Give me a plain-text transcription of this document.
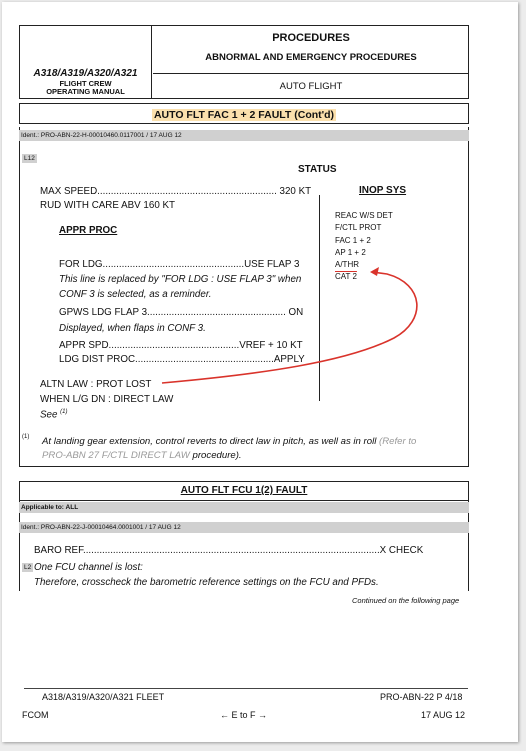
A318/A319/A320/A321
FLIGHT CREW
OPERATING MANUAL
PROCEDURES
ABNORMAL AND EMERGENCY PROCEDURES
AUTO FLIGHT
AUTO FLT FAC 1 + 2 FAULT (Cont'd)
Ident.: PRO-ABN-22-H-00010460.0117001 / 17 AUG 12
L12
STATUS
MAX SPEED.................................................................. 320 KT
RUD WITH CARE ABV 160 KT
APPR PROC
FOR LDG....................................................USE FLAP 3
This line is replaced by "FOR LDG : USE FLAP 3" when
CONF 3 is selected, as a reminder.
GPWS LDG FLAP 3................................................... ON
Displayed, when flaps in CONF 3.
APPR SPD................................................VREF + 10 KT
LDG DIST PROC...................................................APPLY
ALTN LAW : PROT LOST
WHEN L/G DN : DIRECT LAW
See $^{(1)}$
INOP SYS
REAC W/S DET
F/CTL PROT
FAC 1 + 2
AP 1 + 2
A/THR
CAT 2
(1) At landing gear extension, control reverts to direct law in pitch, as well as in roll (Refer to
PRO-ABN 27 F/CTL DIRECT LAW procedure).
AUTO FLT FCU 1(2) FAULT
Applicable to: ALL
Ident.: PRO-ABN-22-J-00010464.0001001 / 17 AUG 12
BARO REF.............................................................................................................X CHECK
L2 One FCU channel is lost:
Therefore, crosscheck the barometric reference settings on the FCU and PFDs.
Continued on the following page
A318/A319/A320/A321 FLEET
FCOM	← E to F →
PRO-ABN-22 P 4/18
17 AUG 12
